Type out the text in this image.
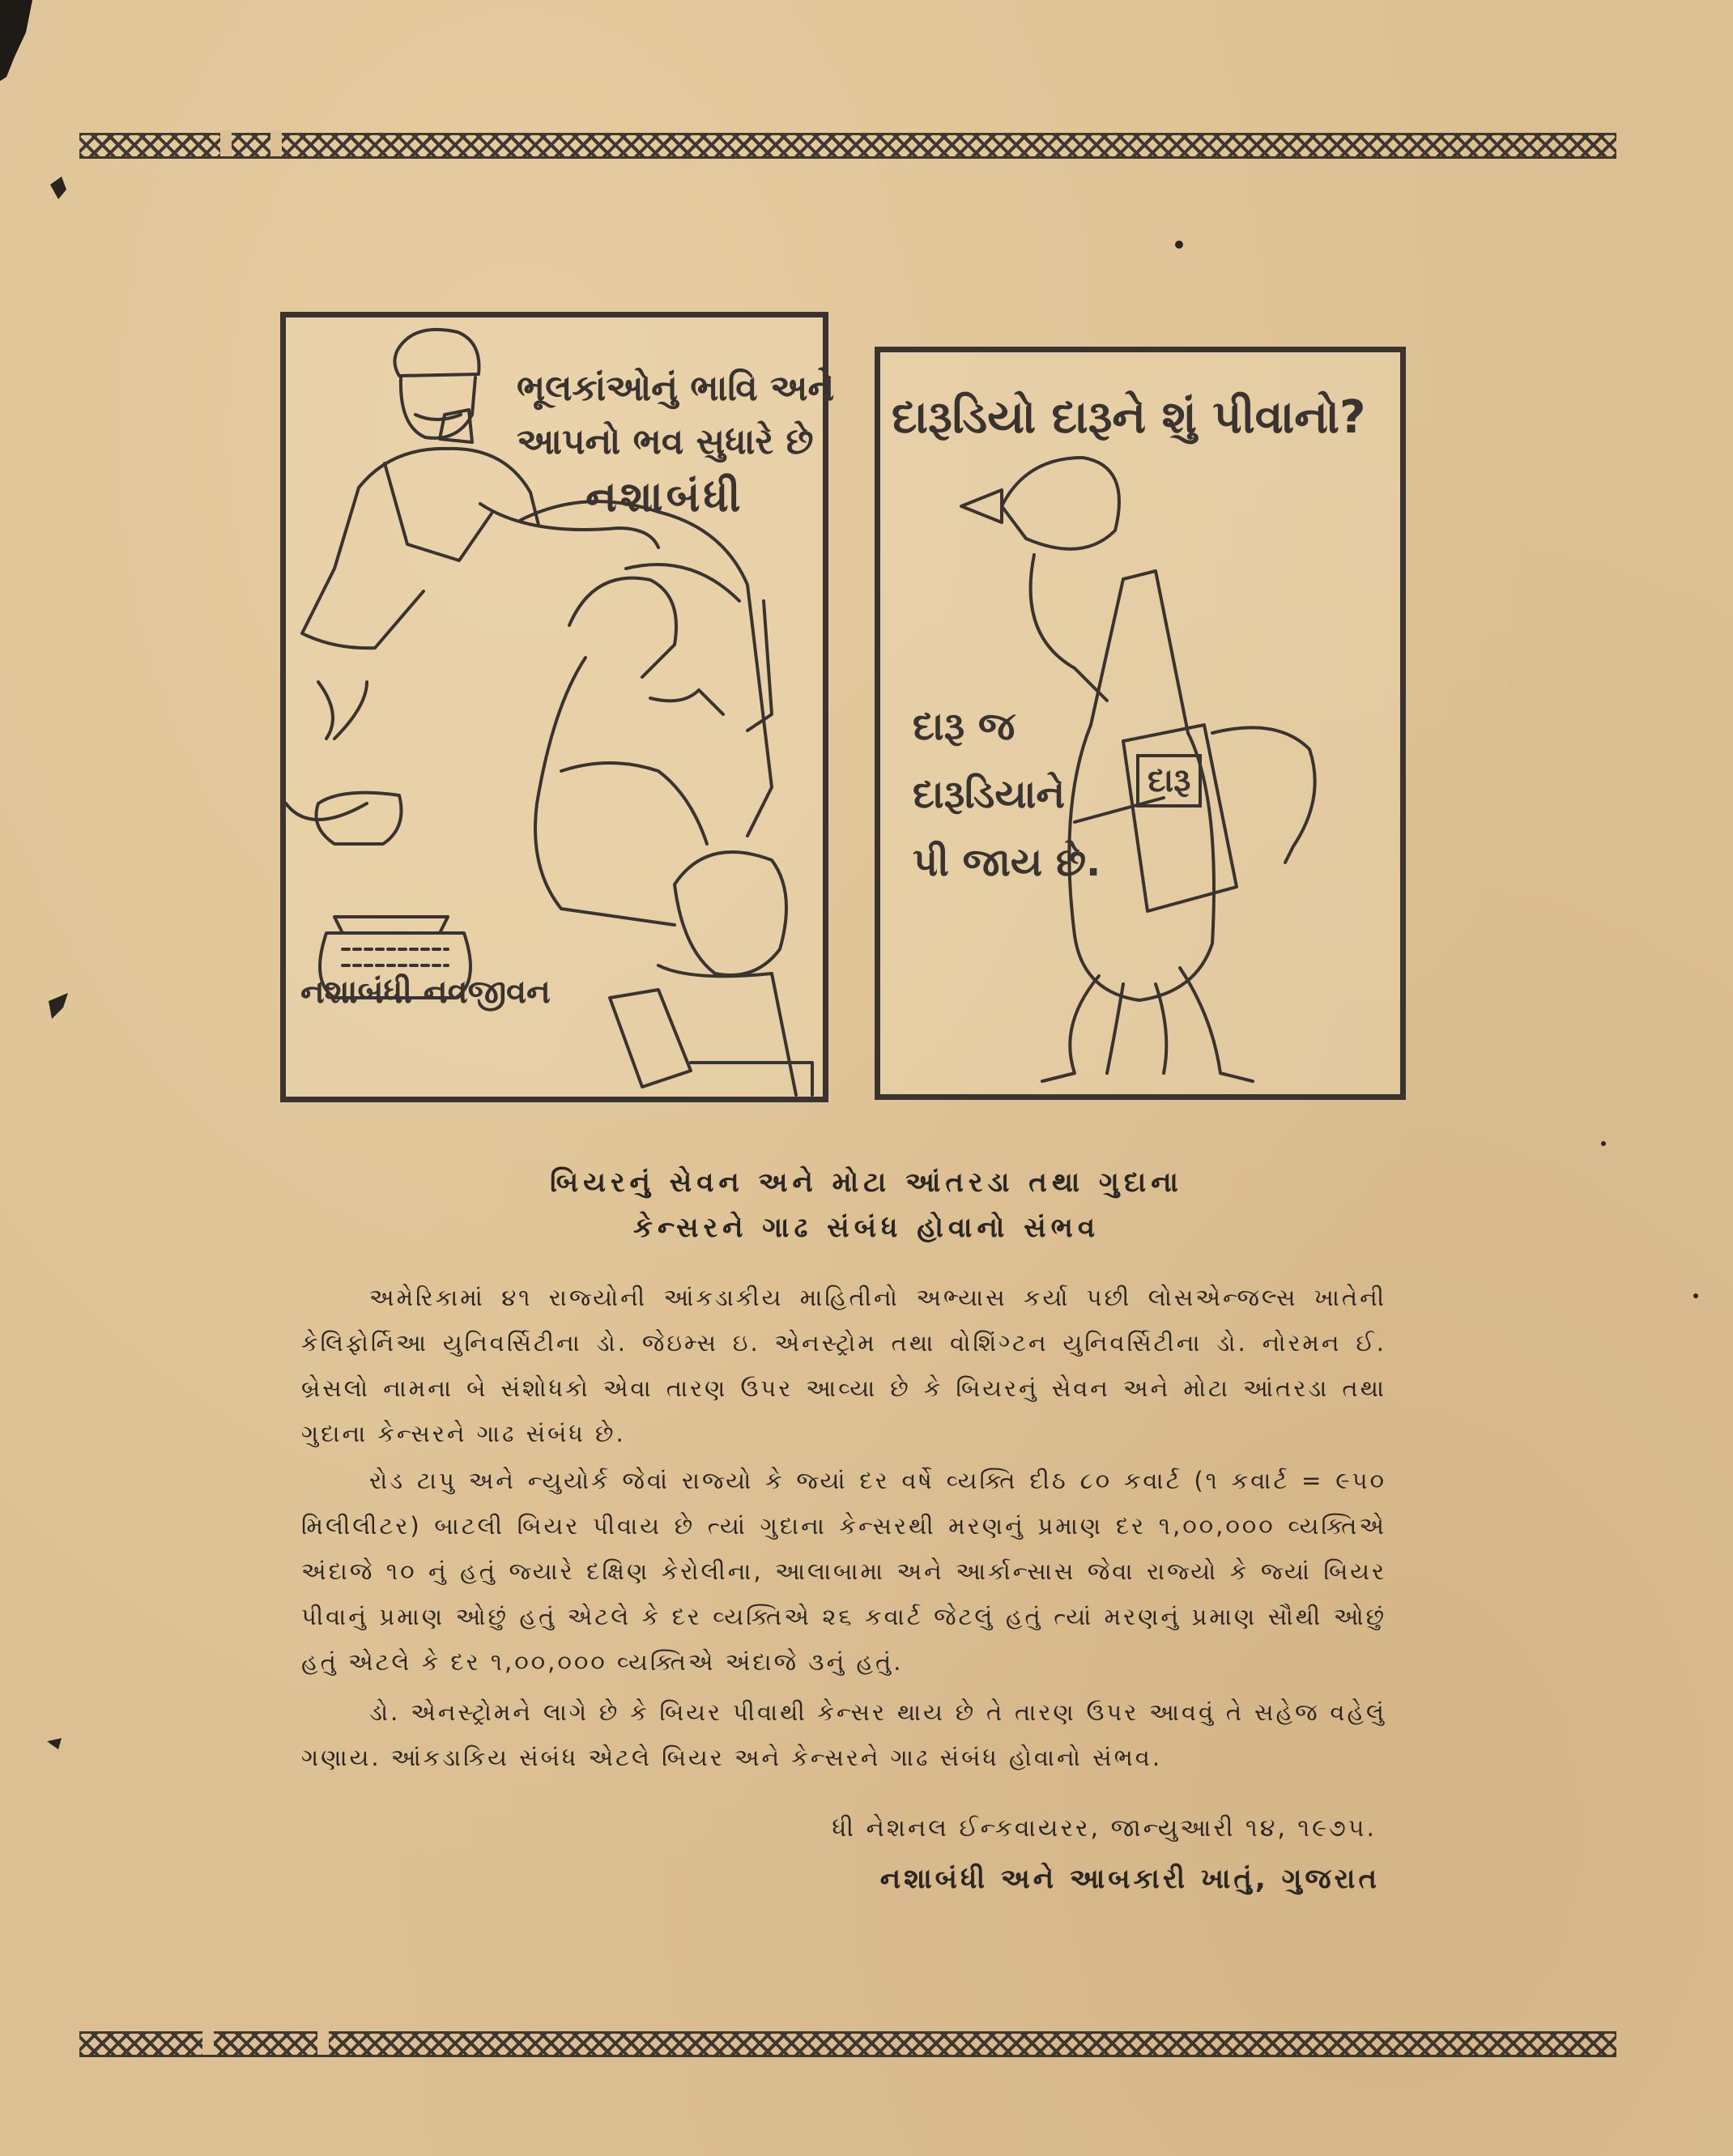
ભૂલકાંઓનું ભાવિ અને
આપનો ભવ સુધારે છે
નશાબંધી
નશાબંધી નવજીવન
દારૂડિયો દારૂને શું પીવાનો?
દારૂ જ
દારૂડિયાને
પી જાય છે.
દારૂ
બિયરનું સેવન અને મોટા આંતરડા તથા ગુદાના
કેન્સરને ગાઢ સંબંધ હોવાનો સંભવ
અમેરિકામાં ૪૧ રાજ્યોની આંકડાકીય માહિતીનો અભ્યાસ કર્યા પછી લોસએન્જલ્સ ખાતેની કેલિફોર્નિઆ યુનિવર્સિટીના ડો. જેઇમ્સ ઇ. એનસ્ટ્રોમ તથા વોશિંગ્ટન યુનિવર્સિટીના ડો. નોરમન ઈ. બ્રેસલો નામના બે સંશોધકો એવા તારણ ઉપર આવ્યા છે કે બિયરનું સેવન અને મોટા આંતરડા તથા ગુદાના કેન્સરને ગાઢ સંબંધ છે.
રોડ ટાપુ અને ન્યુયોર્ક જેવાં રાજ્યો કે જ્યાં દર વર્ષે વ્યક્તિ દીઠ ૮૦ કવાર્ટ (૧ કવાર્ટ = ૯૫૦ મિલીલીટર) બાટલી બિયર પીવાય છે ત્યાં ગુદાના કેન્સરથી મરણનું પ્રમાણ દર ૧,૦૦,૦૦૦ વ્યક્તિએ અંદાજે ૧૦ નું હતું જ્યારે દક્ષિણ કેરોલીના, આલાબામા અને આર્કાન્સાસ જેવા રાજ્યો કે જ્યાં બિયર પીવાનું પ્રમાણ ઓછું હતું એટલે કે દર વ્યક્તિએ ૨૬ કવાર્ટ જેટલું હતું ત્યાં મરણનું પ્રમાણ સૌથી ઓછું હતું એટલે કે દર ૧,૦૦,૦૦૦ વ્યક્તિએ અંદાજે ૩નું હતું.
ડો. એનસ્ટ્રોમને લાગે છે કે બિયર પીવાથી કેન્સર થાય છે તે તારણ ઉપર આવવું તે સહેજ વહેલું ગણાય. આંકડાકિય સંબંધ એટલે બિયર અને કેન્સરને ગાઢ સંબંધ હોવાનો સંભવ.
ધી નેશનલ ઈન્કવાયરર, જાન્યુઆરી ૧૪, ૧૯૭૫.
નશાબંધી અને આબકારી ખાતું, ગુજરાત
